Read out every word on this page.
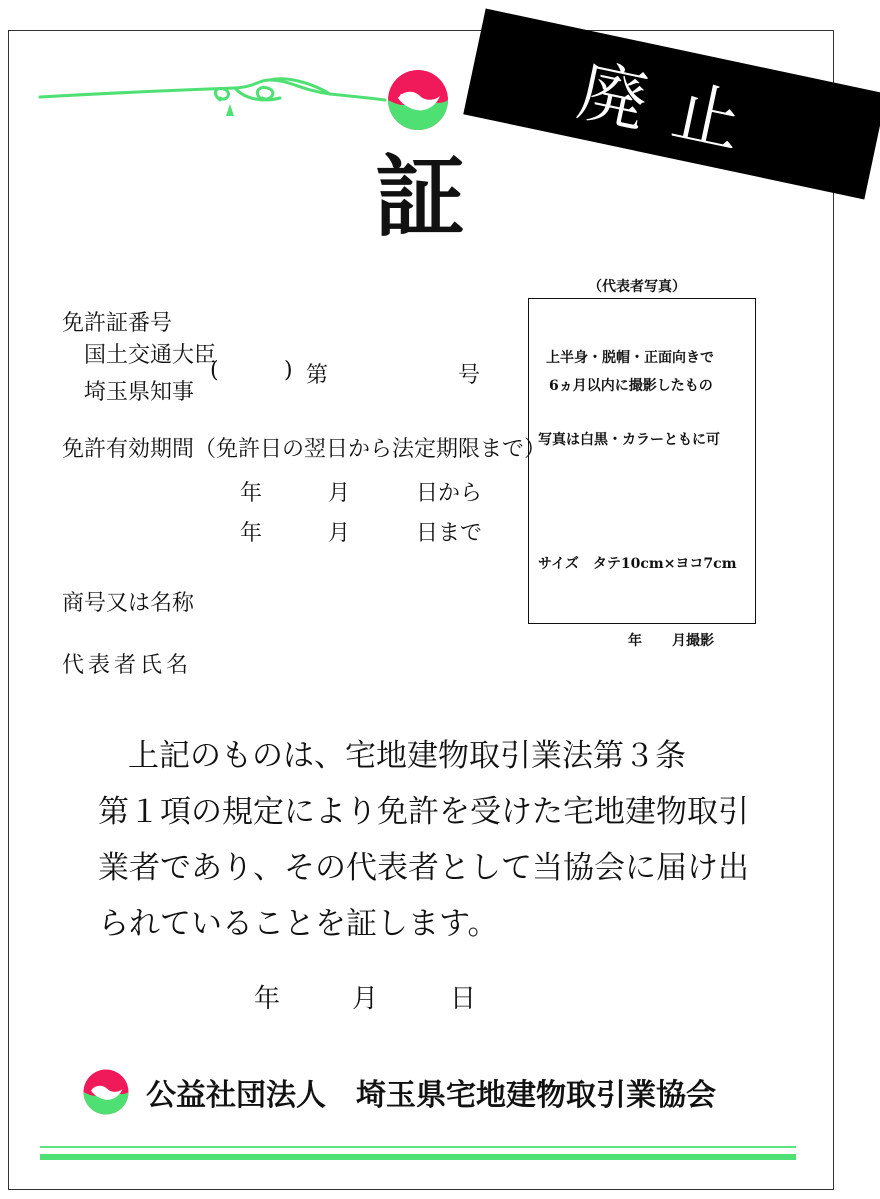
廃止
証
免許証番号
国土交通大臣
埼玉県知事
(	) 第	号
免許有効期間（免許日の翌日から法定期限まで）
年	月	日から
年	月	日まで
商号又は名称
代表者氏名
（代表者写真）
上半身・脱帽・正面向きで
6ヵ月以内に撮影したもの
写真は白黒・カラーともに可
サイズ　タテ10cm×ヨコ7cm
年 月撮影
上記のものは、宅地建物取引業法第３条
第１項の規定により免許を受けた宅地建物取引
業者であり、その代表者として当協会に届け出
られていることを証します。
年	月	日
公益社団法人　埼玉県宅地建物取引業協会
